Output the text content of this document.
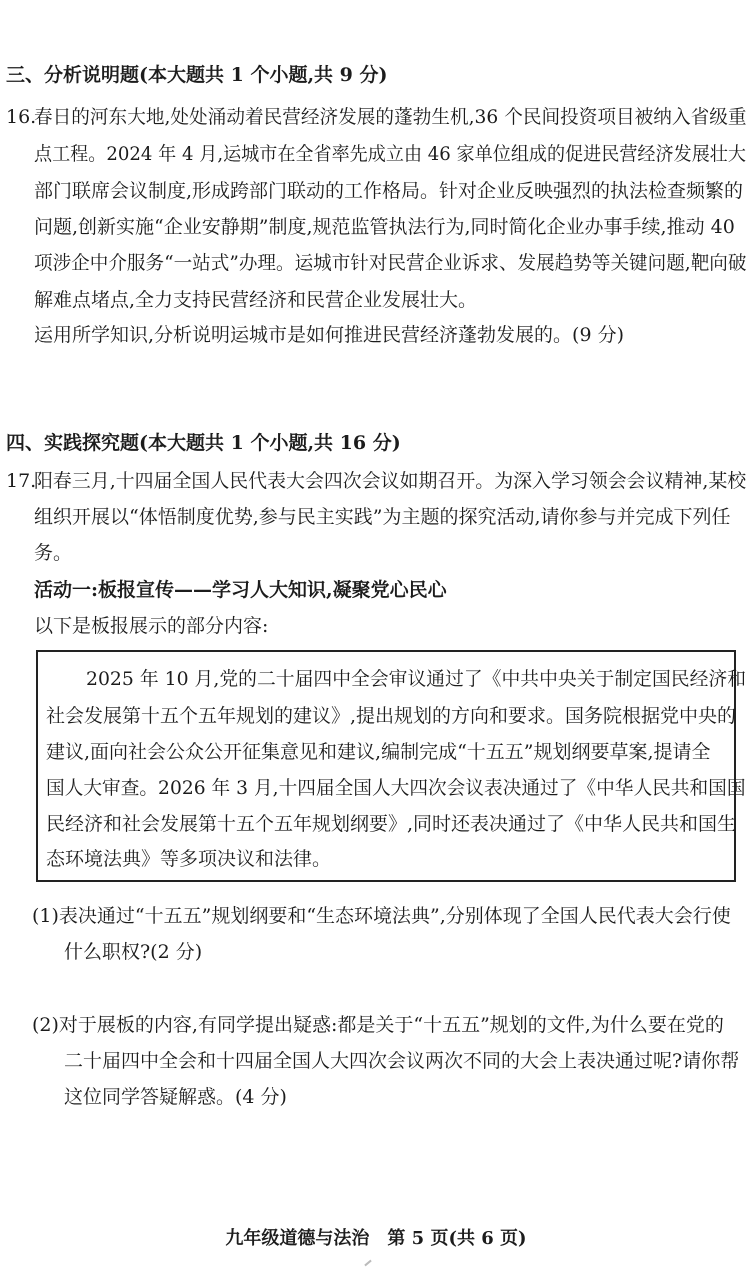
三、分析说明题(本大题共 1 个小题,共 9 分)
16.
春日的河东大地,处处涌动着民营经济发展的蓬勃生机,36 个民间投资项目被纳入省级重
点工程。2024 年 4 月,运城市在全省率先成立由 46 家单位组成的促进民营经济发展壮大
部门联席会议制度,形成跨部门联动的工作格局。针对企业反映强烈的执法检查频繁的
问题,创新实施“企业安静期”制度,规范监管执法行为,同时简化企业办事手续,推动 40
项涉企中介服务“一站式”办理。运城市针对民营企业诉求、发展趋势等关键问题,靶向破
解难点堵点,全力支持民营经济和民营企业发展壮大。
运用所学知识,分析说明运城市是如何推进民营经济蓬勃发展的。(9 分)
四、实践探究题(本大题共 1 个小题,共 16 分)
17.
阳春三月,十四届全国人民代表大会四次会议如期召开。为深入学习领会会议精神,某校
组织开展以“体悟制度优势,参与民主实践”为主题的探究活动,请你参与并完成下列任
务。
活动一:板报宣传——学习人大知识,凝聚党心民心
以下是板报展示的部分内容:
2025 年 10 月,党的二十届四中全会审议通过了《中共中央关于制定国民经济和
社会发展第十五个五年规划的建议》,提出规划的方向和要求。国务院根据党中央的
建议,面向社会公众公开征集意见和建议,编制完成“十五五”规划纲要草案,提请全
国人大审查。2026 年 3 月,十四届全国人大四次会议表决通过了《中华人民共和国国
民经济和社会发展第十五个五年规划纲要》,同时还表决通过了《中华人民共和国生
态环境法典》等多项决议和法律。
(1)表决通过“十五五”规划纲要和“生态环境法典”,分别体现了全国人民代表大会行使
什么职权?(2 分)
(2)对于展板的内容,有同学提出疑惑:都是关于“十五五”规划的文件,为什么要在党的
二十届四中全会和十四届全国人大四次会议两次不同的大会上表决通过呢?请你帮
这位同学答疑解惑。(4 分)
九年级道德与法治　第 5 页(共 6 页)
